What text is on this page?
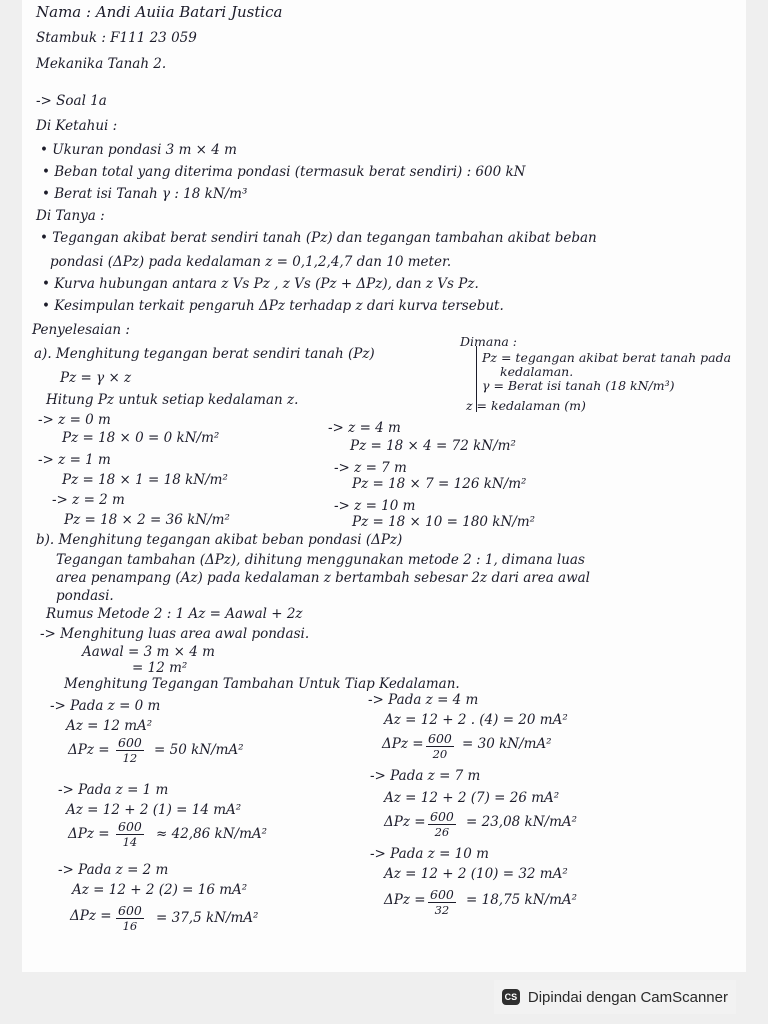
Nama : Andi Auiia Batari Justica
Stambuk : F111 23 059
Mekanika Tanah 2.
-> Soal 1a
Di Ketahui :
• Ukuran pondasi 3 m × 4 m
• Beban total yang diterima pondasi (termasuk berat sendiri) : 600 kN
• Berat isi Tanah γ : 18 kN/m³
Di Tanya :
• Tegangan akibat berat sendiri tanah (Pz) dan tegangan tambahan akibat beban
pondasi (ΔPz) pada kedalaman z = 0,1,2,4,7 dan 10 meter.
• Kurva hubungan antara z Vs Pz , z Vs (Pz + ΔPz), dan z Vs Pz.
• Kesimpulan terkait pengaruh ΔPz terhadap z dari kurva tersebut.
Penyelesaian :
a). Menghitung tegangan berat sendiri tanah (Pz)
Pz = γ × z
Hitung Pz untuk setiap kedalaman z.
Dimana :
Pz = tegangan akibat berat tanah pada
kedalaman.
γ = Berat isi tanah (18 kN/m³)
z = kedalaman (m)
-> z = 0 m
Pz = 18 × 0 = 0 kN/m²
-> z = 1 m
Pz = 18 × 1 = 18 kN/m²
-> z = 2 m
Pz = 18 × 2 = 36 kN/m²
-> z = 4 m
Pz = 18 × 4 = 72 kN/m²
-> z = 7 m
Pz = 18 × 7 = 126 kN/m²
-> z = 10 m
Pz = 18 × 10 = 180 kN/m²
b). Menghitung tegangan akibat beban pondasi (ΔPz)
Tegangan tambahan (ΔPz), dihitung menggunakan metode 2 : 1, dimana luas
area penampang (Az) pada kedalaman z bertambah sebesar 2z dari area awal
pondasi.
Rumus Metode 2 : 1 Az = Aawal + 2z
-> Menghitung luas area awal pondasi.
Aawal = 3 m × 4 m
= 12 m²
Menghitung Tegangan Tambahan Untuk Tiap Kedalaman.
-> Pada z = 0 m
Az = 12 mA²
$\Delta Pz = \frac{600}{12} = 50$ kN/mA²
-> Pada z = 1 m
Az = 12 + 2 (1) = 14 mA²
$\Delta Pz = \frac{600}{14} \approx 42,86$ kN/mA²
-> Pada z = 2 m
Az = 12 + 2 (2) = 16 mA²
$\Delta Pz = \frac{600}{16} = 37,5$ kN/mA²
-> Pada z = 4 m
Az = 12 + 2 . (4) = 20 mA²
$\Delta Pz = \frac{600}{20} = 30$ kN/mA²
-> Pada z = 7 m
Az = 12 + 2 (7) = 26 mA²
$\Delta Pz = \frac{600}{26} = 23,08$ kN/mA²
-> Pada z = 10 m
Az = 12 + 2 (10) = 32 mA²
$\Delta Pz = \frac{600}{32} = 18,75$ kN/mA²
CS Dipindai dengan CamScanner
